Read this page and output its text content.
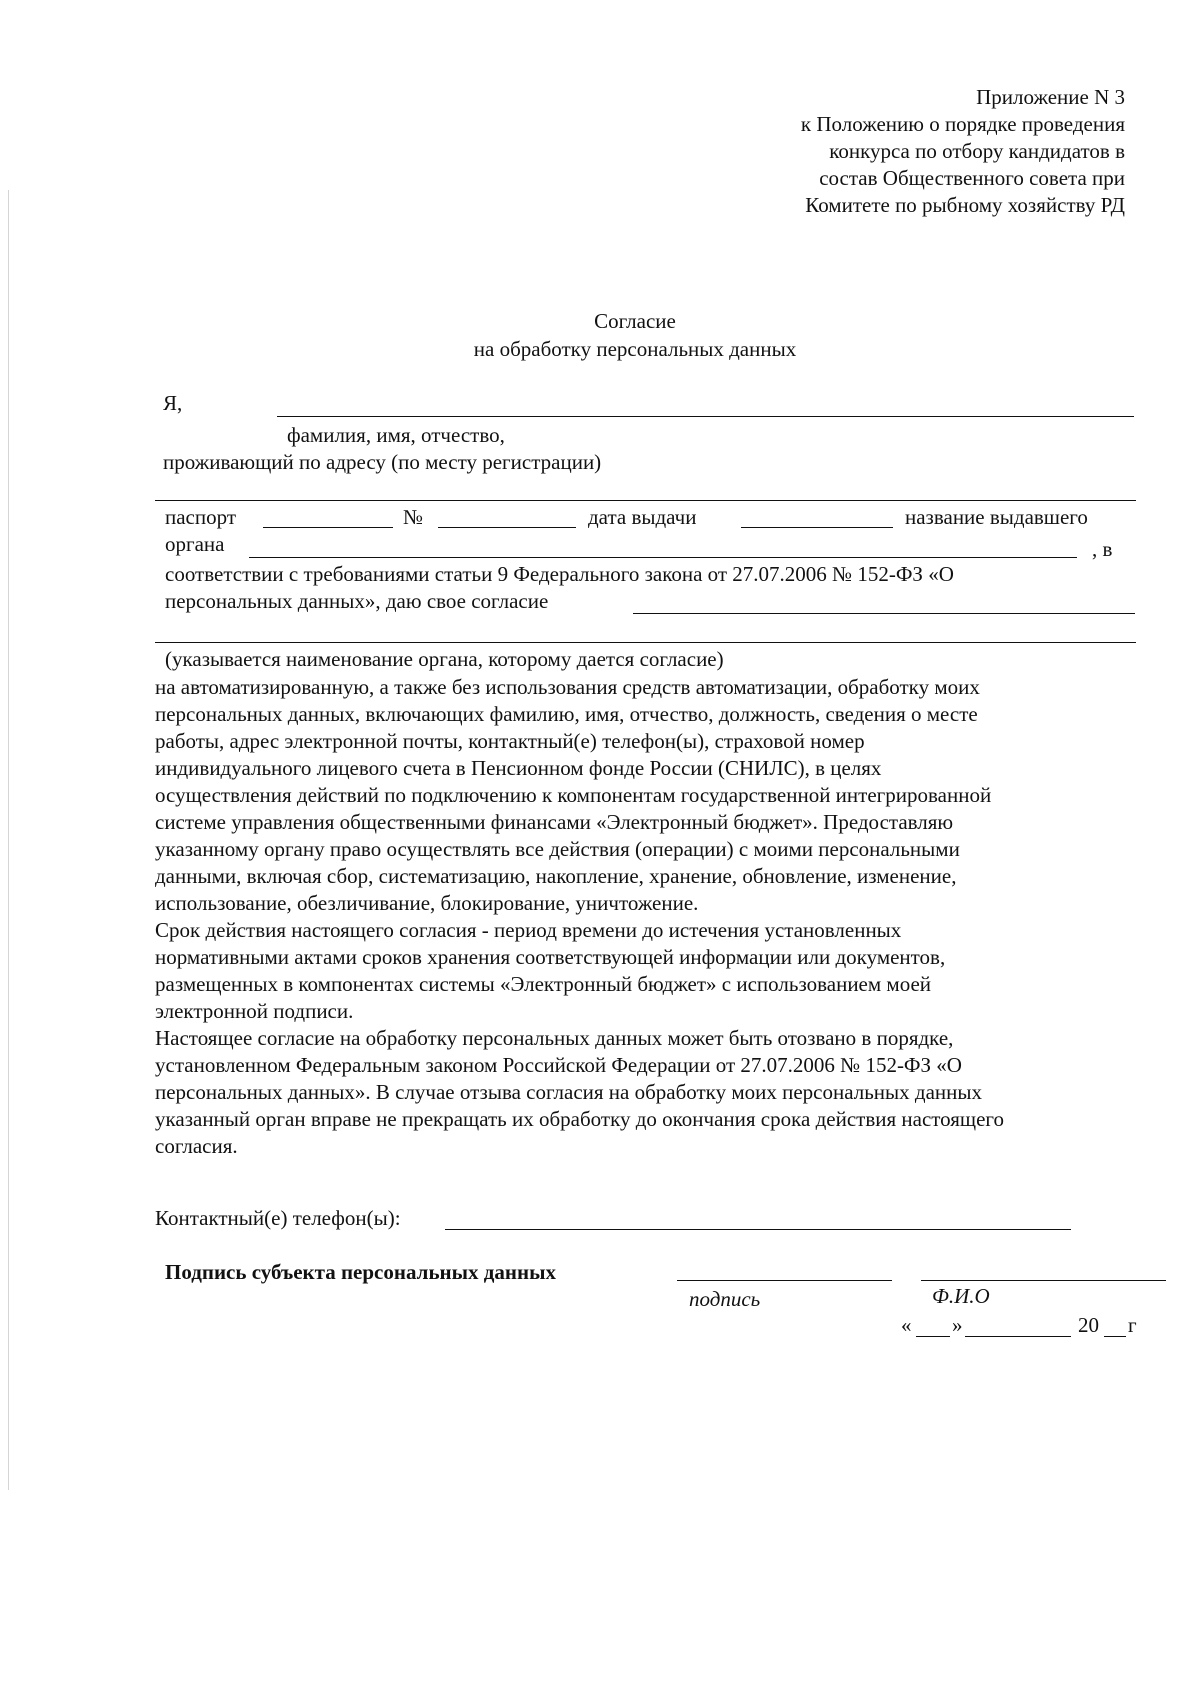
Приложение N 3
к Положению о порядке проведения
конкурса по отбору кандидатов в
состав Общественного совета при
Комитете по рыбному хозяйству РД
Согласие
на обработку персональных данных
Я,
фамилия, имя, отчество,
проживающий по адресу (по месту регистрации)
паспорт	№	дата выдачи	название выдавшего
органа	, в
соответствии с требованиями статьи 9 Федерального закона от 27.07.2006 № 152-ФЗ «О
персональных данных», даю свое согласие
(указывается наименование органа, которому дается согласие)

на автоматизированную, а также без использования средств автоматизации, обработку моих

персональных данных, включающих фамилию, имя, отчество, должность, сведения о месте

работы, адрес электронной почты, контактный(е) телефон(ы), страховой номер

индивидуального лицевого счета в Пенсионном фонде России (СНИЛС), в целях

осуществления действий по подключению к компонентам государственной интегрированной

системе управления общественными финансами «Электронный бюджет». Предоставляю

указанному органу право осуществлять все действия (операции) с моими персональными

данными, включая сбор, систематизацию, накопление, хранение, обновление, изменение,

использование, обезличивание, блокирование, уничтожение.

Срок действия настоящего согласия - период времени до истечения установленных

нормативными актами сроков хранения соответствующей информации или документов,

размещенных в компонентах системы «Электронный бюджет» с использованием моей

электронной подписи.

Настоящее согласие на обработку персональных данных может быть отозвано в порядке,

установленном Федеральным законом Российской Федерации от 27.07.2006 № 152-ФЗ «О

персональных данных». В случае отзыва согласия на обработку моих персональных данных

указанный орган вправе не прекращать их обработку до окончания срока действия настоящего

согласия.

Контактный(е) телефон(ы):
Подпись субъекта персональных данных
подпись	Ф.И.О
« »	20 г
